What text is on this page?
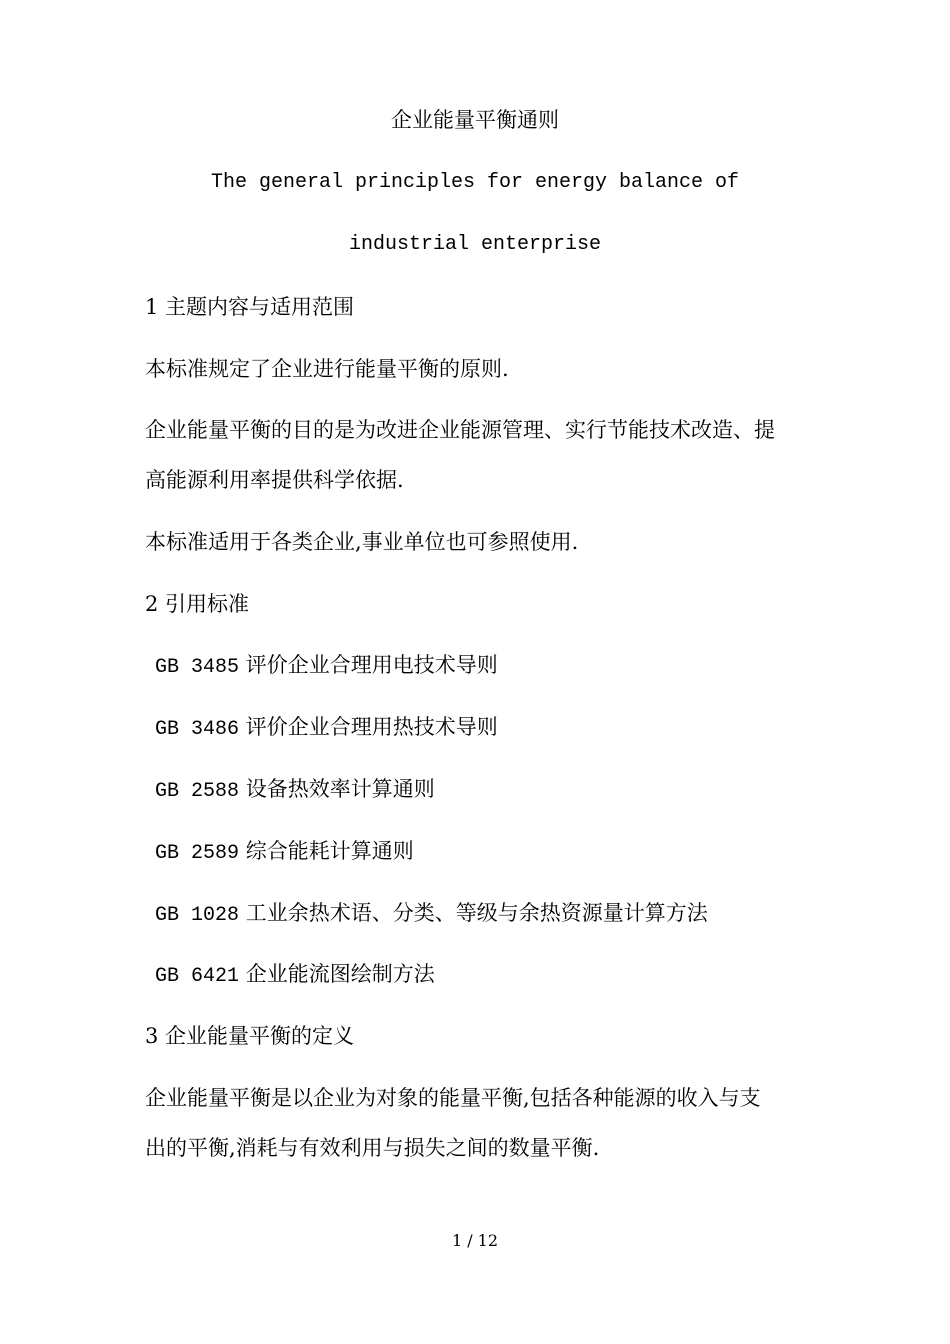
企业能量平衡通则
The general principles for energy balance of
industrial enterprise
1 主题内容与适用范围
本标准规定了企业进行能量平衡的原则.
企业能量平衡的目的是为改进企业能源管理、实行节能技术改造、提
高能源利用率提供科学依据.
本标准适用于各类企业,事业单位也可参照使用.
2 引用标准
GB 3485 评价企业合理用电技术导则
GB 3486 评价企业合理用热技术导则
GB 2588 设备热效率计算通则
GB 2589 综合能耗计算通则
GB 1028 工业余热术语、分类、等级与余热资源量计算方法
GB 6421 企业能流图绘制方法
3 企业能量平衡的定义
企业能量平衡是以企业为对象的能量平衡,包括各种能源的收入与支
出的平衡,消耗与有效利用与损失之间的数量平衡.
1 / 12
